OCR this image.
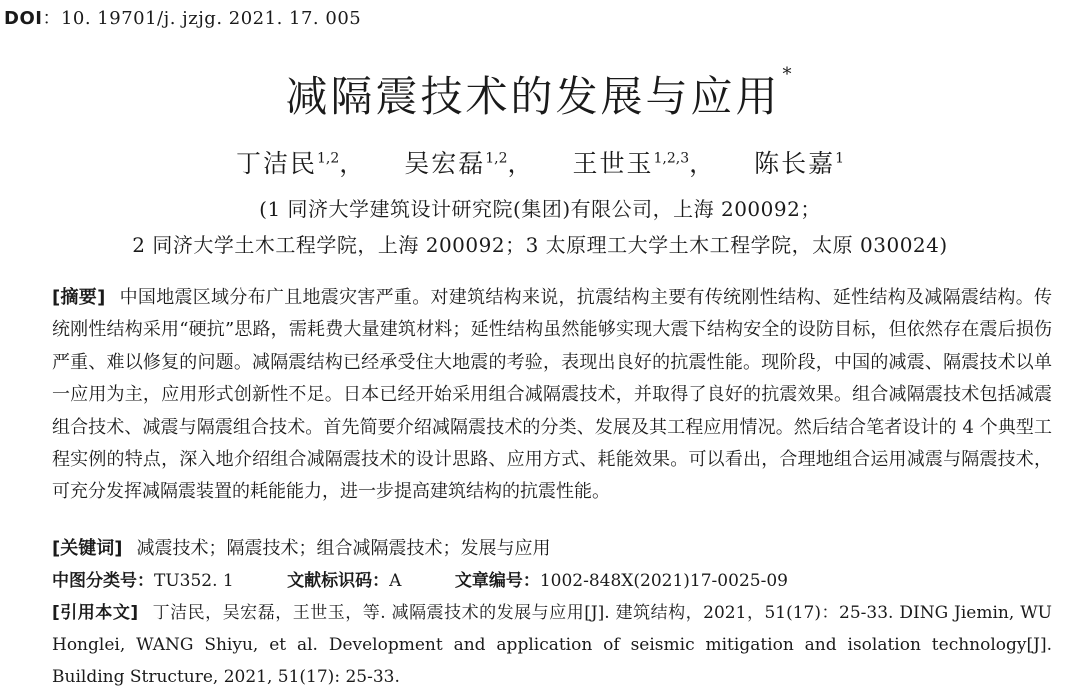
DOI：10. 19701/j. jzjg. 2021. 17. 005
减隔震技术的发展与应用 *
丁洁民$^{1,2}$， 吴宏磊$^{1,2}$， 王世玉$^{1,2,3}$， 陈长嘉$^1$
(1 同济大学建筑设计研究院(集团)有限公司，上海 200092；
2 同济大学土木工程学院，上海 200092；3 太原理工大学土木工程学院，太原 030024)
[摘要] 中国地震区域分布广且地震灾害严重。对建筑结构来说，抗震结构主要有传统刚性结构、延性结构及减隔震结构。传统刚性结构采用“硬抗”思路，需耗费大量建筑材料；延性结构虽然能够实现大震下结构安全的设防目标，但依然存在震后损伤严重、难以修复的问题。减隔震结构已经承受住大地震的考验，表现出良好的抗震性能。现阶段，中国的减震、隔震技术以单一应用为主，应用形式创新性不足。日本已经开始采用组合减隔震技术，并取得了良好的抗震效果。组合减隔震技术包括减震组合技术、减震与隔震组合技术。首先简要介绍减隔震技术的分类、发展及其工程应用情况。然后结合笔者设计的 4 个典型工程实例的特点，深入地介绍组合减隔震技术的设计思路、应用方式、耗能效果。可以看出，合理地组合运用减震与隔震技术，可充分发挥减隔震装置的耗能能力，进一步提高建筑结构的抗震性能。
[关键词] 减震技术；隔震技术；组合减隔震技术；发展与应用
中图分类号：TU352. 1	文献标识码：A	文章编号：1002-848X(2021)17-0025-09
[引用本文] 丁洁民，吴宏磊，王世玉，等. 减隔震技术的发展与应用[J]. 建筑结构，2021，51(17)：25-33. DING Jiemin, WU Honglei, WANG Shiyu, et al. Development and application of seismic mitigation and isolation technology[J]. Building Structure, 2021, 51(17): 25-33.
